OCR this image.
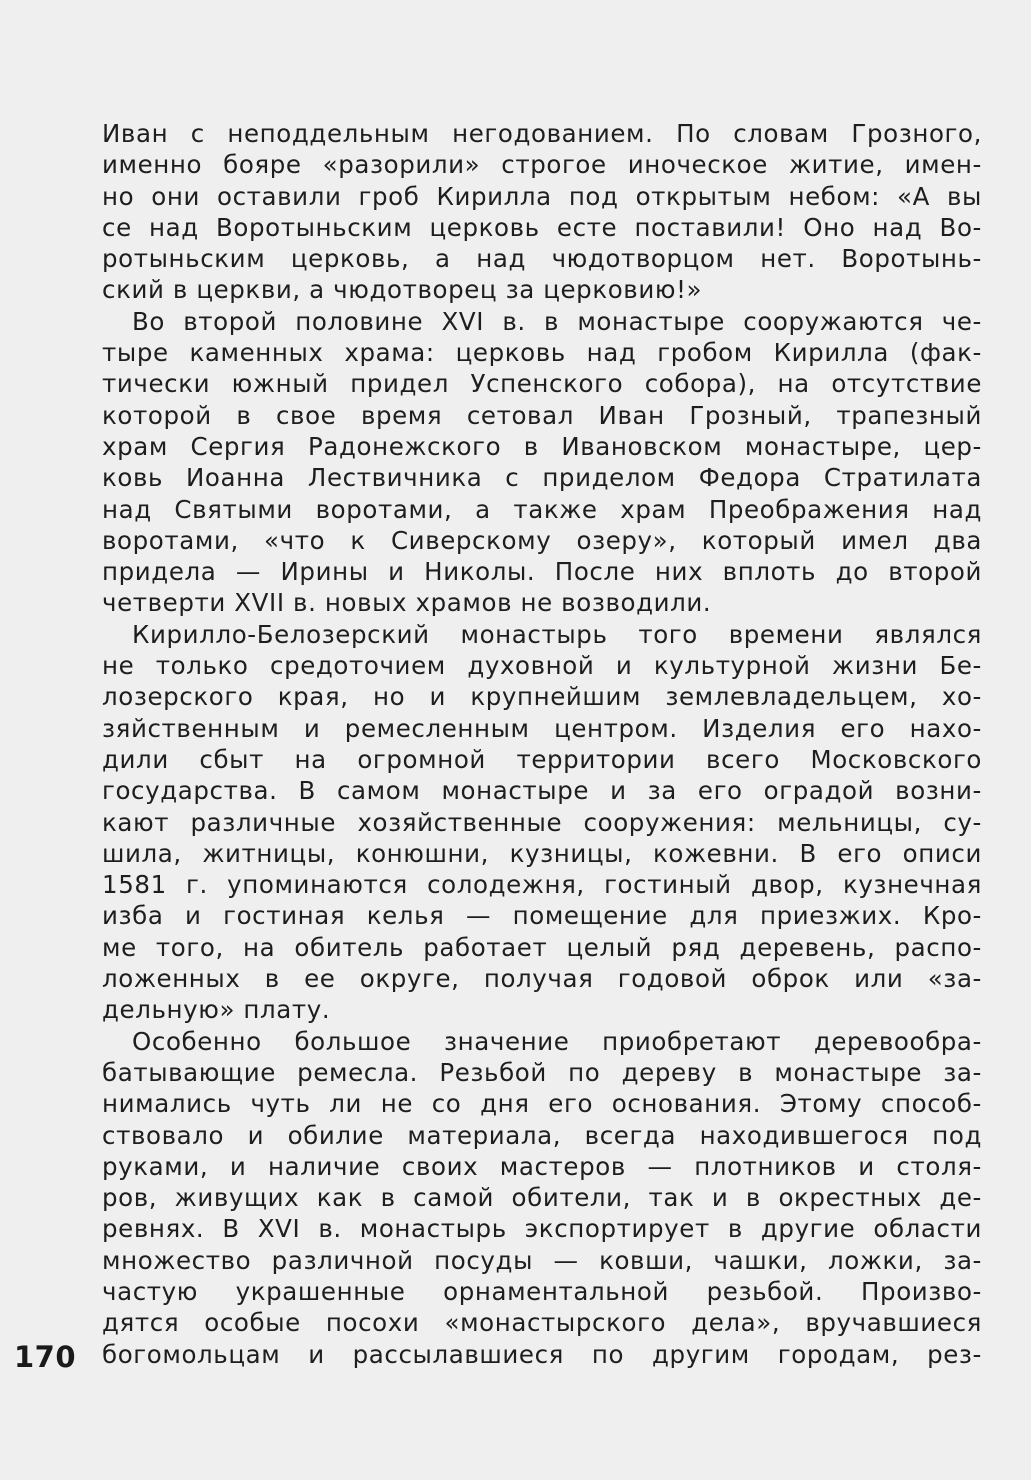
Иван с неподдельным негодованием. По словам Грозного,
именно бояре «разорили» строгое иноческое житие, имен-
но они оставили гроб Кирилла под открытым небом: «А вы
се над Воротыньским церковь есте поставили! Оно над Во-
ротыньским церковь, а над чюдотворцом нет. Воротынь-
ский в церкви, а чюдотворец за церковию!»
Во второй половине XVI в. в монастыре сооружаются че-
тыре каменных храма: церковь над гробом Кирилла (фак-
тически южный придел Успенского собора), на отсутствие
которой в свое время сетовал Иван Грозный, трапезный
храм Сергия Радонежского в Ивановском монастыре, цер-
ковь Иоанна Лествичника с приделом Федора Стратилата
над Святыми воротами, а также храм Преображения над
воротами, «что к Сиверскому озеру», который имел два
придела — Ирины и Николы. После них вплоть до второй
четверти XVII в. новых храмов не возводили.
Кирилло-Белозерский монастырь того времени являлся
не только средоточием духовной и культурной жизни Бе-
лозерского края, но и крупнейшим землевладельцем, хо-
зяйственным и ремесленным центром. Изделия его нахо-
дили сбыт на огромной территории всего Московского
государства. В самом монастыре и за его оградой возни-
кают различные хозяйственные сооружения: мельницы, су-
шила, житницы, конюшни, кузницы, кожевни. В его описи
1581 г. упоминаются солодежня, гостиный двор, кузнечная
изба и гостиная келья — помещение для приезжих. Кро-
ме того, на обитель работает целый ряд деревень, распо-
ложенных в ее округе, получая годовой оброк или «за-
дельную» плату.
Особенно большое значение приобретают деревообра-
батывающие ремесла. Резьбой по дереву в монастыре за-
нимались чуть ли не со дня его основания. Этому способ-
ствовало и обилие материала, всегда находившегося под
руками, и наличие своих мастеров — плотников и столя-
ров, живущих как в самой обители, так и в окрестных де-
ревнях. В XVI в. монастырь экспортирует в другие области
множество различной посуды — ковши, чашки, ложки, за-
частую украшенные орнаментальной резьбой. Произво-
дятся особые посохи «монастырского дела», вручавшиеся
богомольцам и рассылавшиеся по другим городам, рез-
170
